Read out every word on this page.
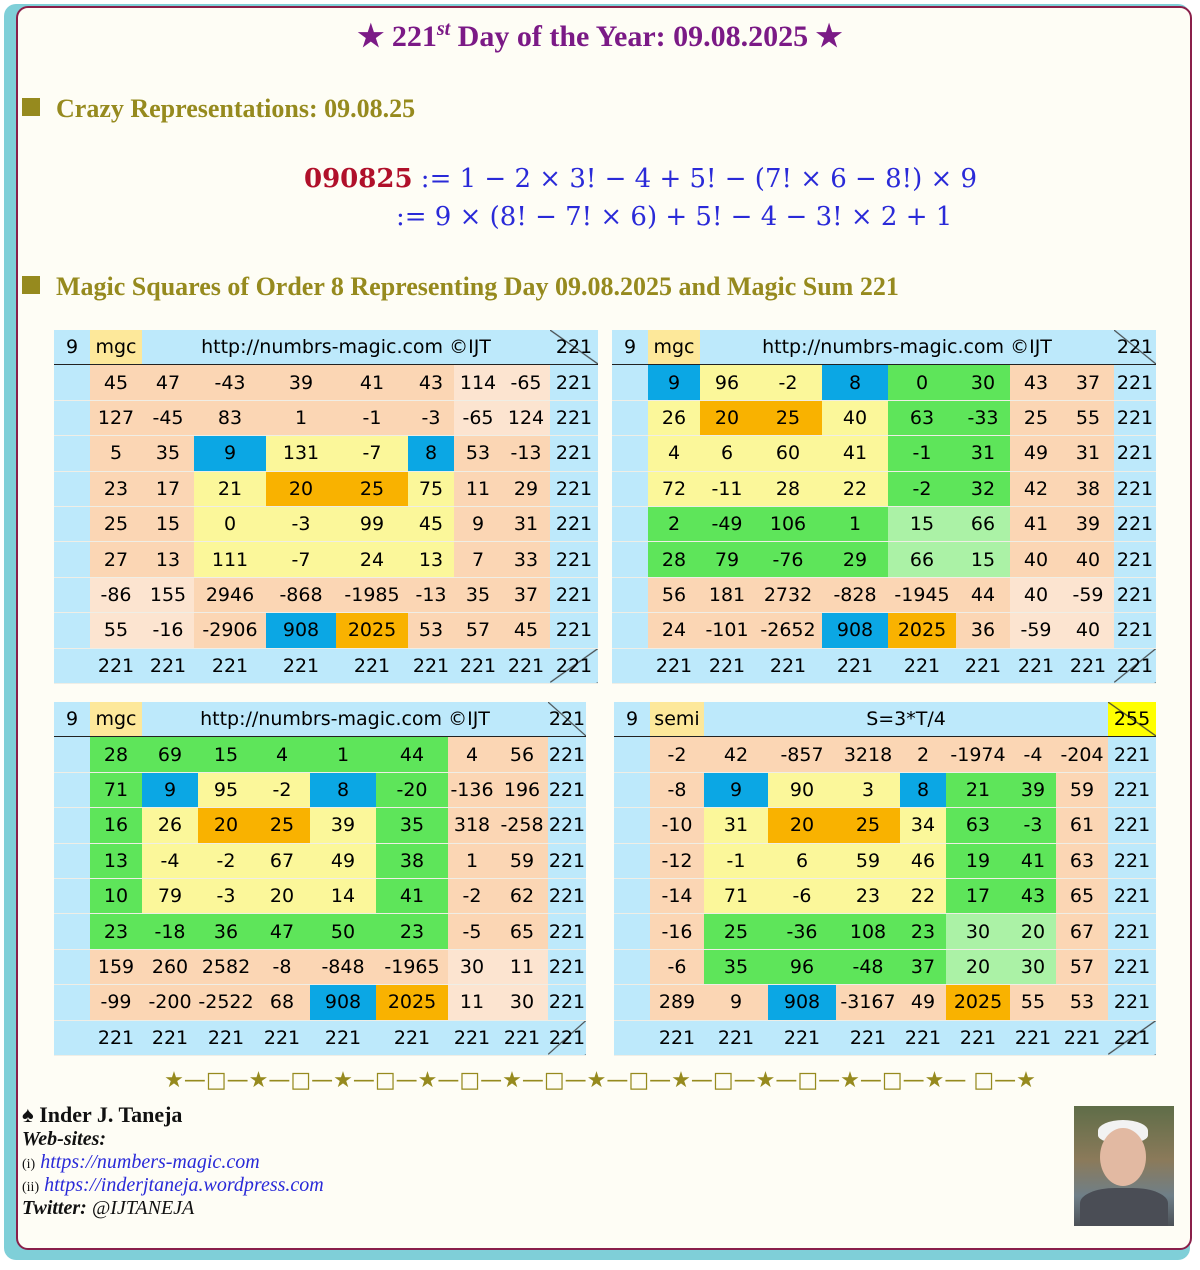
★ 221st Day of the Year: 09.08.2025 ★
Crazy Representations: 09.08.25
090825 := 1 − 2 × 3! − 4 + 5! − (7! × 6 − 8!) × 9
:= 9 × (8! − 7! × 6) + 5! − 4 − 3! × 2 + 1
Magic Squares of Order 8 Representing Day 09.08.2025 and Magic Sum 221
9	mgc	http://numbrs-magic.com ©IJT							221
	45	47	-43	39	41	43	114	-65	221
	127	-45	83	1	-1	-3	-65	124	221
	5	35	9	131	-7	8	53	-13	221
	23	17	21	20	25	75	11	29	221
	25	15	0	-3	99	45	9	31	221
	27	13	111	-7	24	13	7	33	221
	-86	155	2946	-868	-1985	-13	35	37	221
	55	-16	-2906	908	2025	53	57	45	221
	221	221	221	221	221	221	221	221	221
9	mgc	http://numbrs-magic.com ©IJT							221
	9	96	-2	8	0	30	43	37	221
	26	20	25	40	63	-33	25	55	221
	4	6	60	41	-1	31	49	31	221
	72	-11	28	22	-2	32	42	38	221
	2	-49	106	1	15	66	41	39	221
	28	79	-76	29	66	15	40	40	221
	56	181	2732	-828	-1945	44	40	-59	221
	24	-101	-2652	908	2025	36	-59	40	221
	221	221	221	221	221	221	221	221	221
9	mgc	http://numbrs-magic.com ©IJT							221
	28	69	15	4	1	44	4	56	221
	71	9	95	-2	8	-20	-136	196	221
	16	26	20	25	39	35	318	-258	221
	13	-4	-2	67	49	38	1	59	221
	10	79	-3	20	14	41	-2	62	221
	23	-18	36	47	50	23	-5	65	221
	159	260	2582	-8	-848	-1965	30	11	221
	-99	-200	-2522	68	908	2025	11	30	221
	221	221	221	221	221	221	221	221	221
9	semi	S=3*T/4							255
	-2	42	-857	3218	2	-1974	-4	-204	221
	-8	9	90	3	8	21	39	59	221
	-10	31	20	25	34	63	-3	61	221
	-12	-1	6	59	46	19	41	63	221
	-14	71	-6	23	22	17	43	65	221
	-16	25	-36	108	23	30	20	67	221
	-6	35	96	-48	37	20	30	57	221
	289	9	908	-3167	49	2025	55	53	221
	221	221	221	221	221	221	221	221	221
★—□—★—□—★—□—★—□—★—□—★—□—★—□—★—□—★—□—★— □—★
♠ Inder J. Taneja
Web-sites:
(i) https://numbers-magic.com
(ii) https://inderjtaneja.wordpress.com
Twitter: @IJTANEJA
